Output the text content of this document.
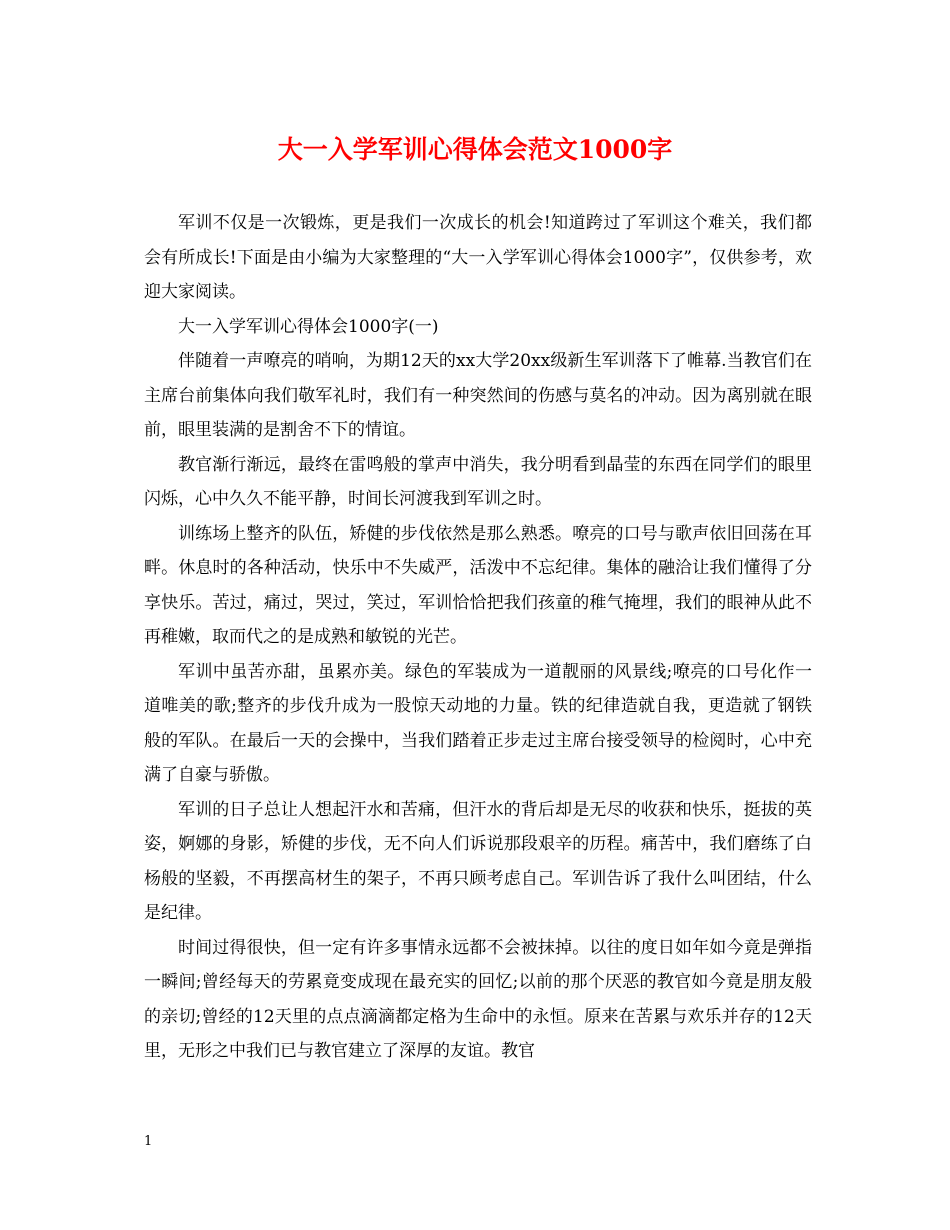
大一入学军训心得体会范文1000字

军训不仅是一次锻炼，更是我们一次成长的机会!知道跨过了军训这个难关，我们都会有所成长!下面是由小编为大家整理的“大一入学军训心得体会1000字”，仅供参考，欢迎大家阅读。

大一入学军训心得体会1000字(一)

伴随着一声嘹亮的哨响，为期12天的xx大学20xx级新生军训落下了帷幕.当教官们在主席台前集体向我们敬军礼时，我们有一种突然间的伤感与莫名的冲动。因为离别就在眼前，眼里装满的是割舍不下的情谊。

教官渐行渐远，最终在雷鸣般的掌声中消失，我分明看到晶莹的东西在同学们的眼里闪烁，心中久久不能平静，时间长河渡我到军训之时。

训练场上整齐的队伍，矫健的步伐依然是那么熟悉。嘹亮的口号与歌声依旧回荡在耳畔。休息时的各种活动，快乐中不失威严，活泼中不忘纪律。集体的融洽让我们懂得了分享快乐。苦过，痛过，哭过，笑过，军训恰恰把我们孩童的稚气掩埋，我们的眼神从此不再稚嫩，取而代之的是成熟和敏锐的光芒。

军训中虽苦亦甜，虽累亦美。绿色的军装成为一道靓丽的风景线;嘹亮的口号化作一道唯美的歌;整齐的步伐升成为一股惊天动地的力量。铁的纪律造就自我，更造就了钢铁般的军队。在最后一天的会操中，当我们踏着正步走过主席台接受领导的检阅时，心中充满了自豪与骄傲。

军训的日子总让人想起汗水和苦痛，但汗水的背后却是无尽的收获和快乐，挺拔的英姿，婀娜的身影，矫健的步伐，无不向人们诉说那段艰辛的历程。痛苦中，我们磨练了白杨般的坚毅，不再摆高材生的架子，不再只顾考虑自己。军训告诉了我什么叫团结，什么是纪律。

时间过得很快，但一定有许多事情永远都不会被抹掉。以往的度日如年如今竟是弹指一瞬间;曾经每天的劳累竟变成现在最充实的回忆;以前的那个厌恶的教官如今竟是朋友般的亲切;曾经的12天里的点点滴滴都定格为生命中的永恒。原来在苦累与欢乐并存的12天里，无形之中我们已与教官建立了深厚的友谊。教官

1
